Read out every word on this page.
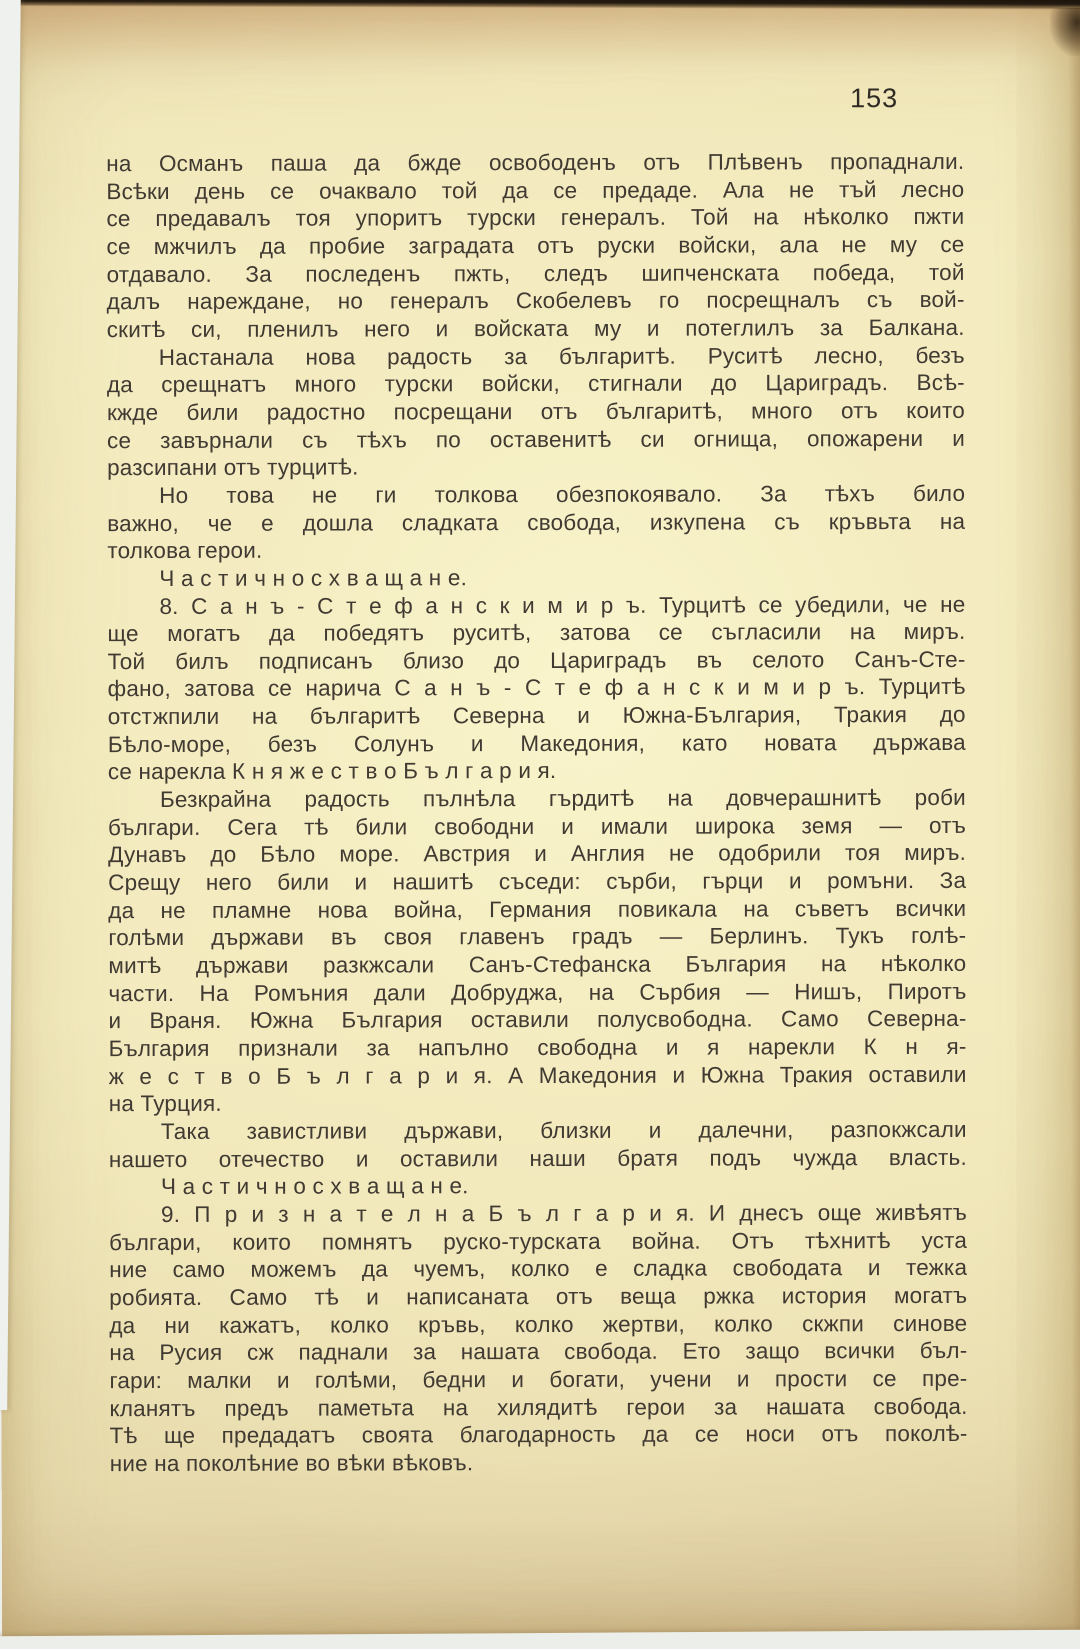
153
на Османъ паша да бжде освободенъ отъ Плѣвенъ пропаднали.
Всѣки день се очаквало той да се предаде. Ала не тъй лесно
се предавалъ тоя упоритъ турски генералъ. Той на нѣколко пжти
се мжчилъ да пробие заградата отъ руски войски, ала не му се
отдавало. За последенъ пжть, следъ шипченската победа, той
далъ нареждане, но генералъ Скобелевъ го посрещналъ съ вой-
скитѣ си, пленилъ него и войската му и потеглилъ за Балкана.
Настанала нова радость за българитѣ. Руситѣ лесно, безъ
да срещнатъ много турски войски, стигнали до Цариградъ. Всѣ-
кжде били радостно посрещани отъ българитѣ, много отъ които
се завърнали съ тѣхъ по оставенитѣ си огнища, опожарени и
разсипани отъ турцитѣ.
Но това не ги толкова обезпокоявало. За тѣхъ било
важно, че е дошла сладката свобода, изкупена съ кръвьта на
толкова герои.
Ч а с т и ч н о с х в а щ а н е.
8. С а н ъ - С т е ф а н с к и м и р ъ. Турцитѣ се убедили, че не
ще могатъ да победятъ руситѣ, затова се съгласили на миръ.
Той билъ подписанъ близо до Цариградъ въ селото Санъ-Сте-
фано, затова се нарича С а н ъ - С т е ф а н с к и м и р ъ. Турцитѣ
отстжпили на българитѣ Северна и Южна-България, Тракия до
Бѣло-море, безъ Солунъ и Македония, като новата държава
се нарекла К н я ж е с т в о Б ъ л г а р и я.
Безкрайна радость пълнѣла гърдитѣ на довчерашнитѣ роби
българи. Сега тѣ били свободни и имали широка земя — отъ
Дунавъ до Бѣло море. Австрия и Англия не одобрили тоя миръ.
Срещу него били и нашитѣ съседи: сърби, гърци и ромъни. За
да не пламне нова война, Германия повикала на съветъ всички
голѣми държави въ своя главенъ градъ — Берлинъ. Тукъ голѣ-
митѣ държави разкжсали Санъ-Стефанска България на нѣколко
части. На Ромъния дали Добруджа, на Сърбия — Нишъ, Пиротъ
и Враня. Южна България оставили полусвободна. Само Северна-
България признали за напълно свободна и я нарекли К н я-
ж е с т в о Б ъ л г а р и я. А Македония и Южна Тракия оставили
на Турция.
Така завистливи държави, близки и далечни, разпокжсали
нашето отечество и оставили наши братя подъ чужда власть.
Ч а с т и ч н о с х в а щ а н е.
9. П р и з н а т е л н а Б ъ л г а р и я. И днесъ още живѣятъ
българи, които помнятъ руско-турската война. Отъ тѣхнитѣ уста
ние само можемъ да чуемъ, колко е сладка свободата и тежка
робията. Само тѣ и написаната отъ веща ржка история могатъ
да ни кажатъ, колко кръвь, колко жертви, колко скжпи синове
на Русия сж паднали за нашата свобода. Ето защо всички бъл-
гари: малки и голѣми, бедни и богати, учени и прости се пре-
кланятъ предъ паметьта на хилядитѣ герои за нашата свобода.
Тѣ ще предадатъ своята благодарность да се носи отъ поколѣ-
ние на поколѣние во вѣки вѣковъ.
